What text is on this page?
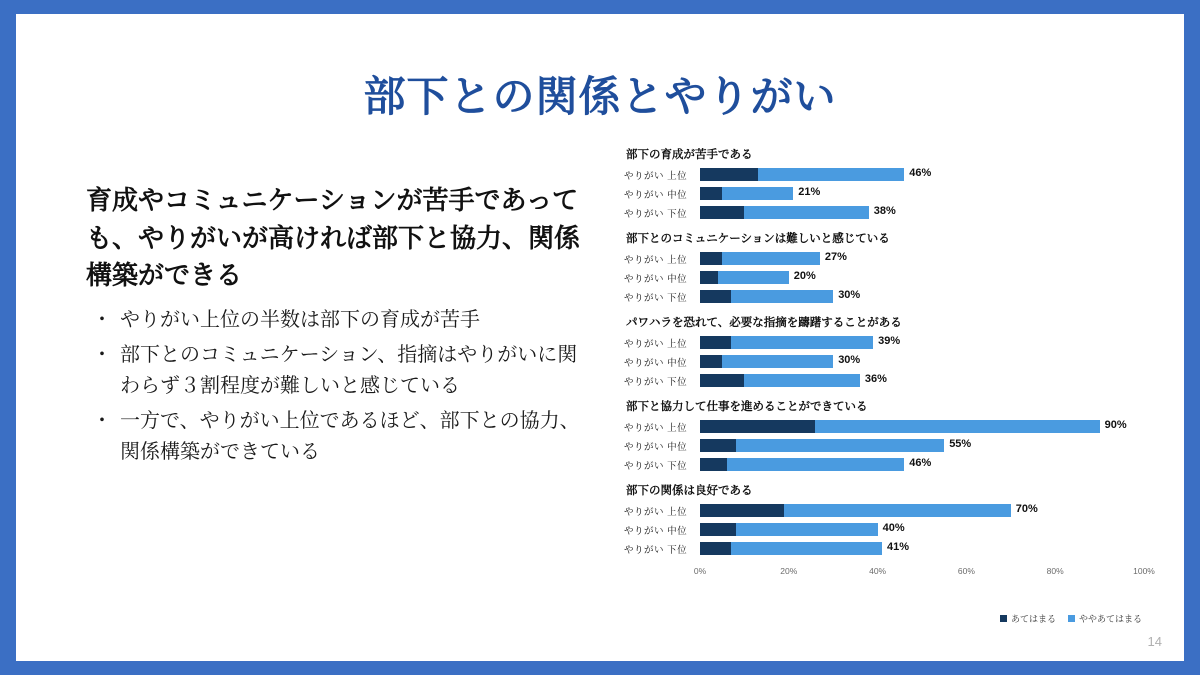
部下との関係とやりがい

育成やコミュニケーションが苦手であっても、やりがいが高ければ部下と協力、関係構築ができる

・ やりがい上位の半数は部下の育成が苦手
・ 部下とのコミュニケーション、指摘はやりがいに関わらず３割程度が難しいと感じている
・ 一方で、やりがい上位であるほど、部下との協力、関係構築ができている
部下の育成が苦手である
やりがい 上位	46%
やりがい 中位	21%
やりがい 下位	38%
部下とのコミュニケーションは難しいと感じている
やりがい 上位	27%
やりがい 中位	20%
やりがい 下位	30%
パワハラを恐れて、必要な指摘を躊躇することがある
やりがい 上位	39%
やりがい 中位	30%
やりがい 下位	36%
部下と協力して仕事を進めることができている
やりがい 上位	90%
やりがい 中位	55%
やりがい 下位	46%
部下の関係は良好である
やりがい 上位	70%
やりがい 中位	40%
やりがい 下位	41%
0%	20%	40%	60%	80%	100%
あてはまる	ややあてはまる
14
